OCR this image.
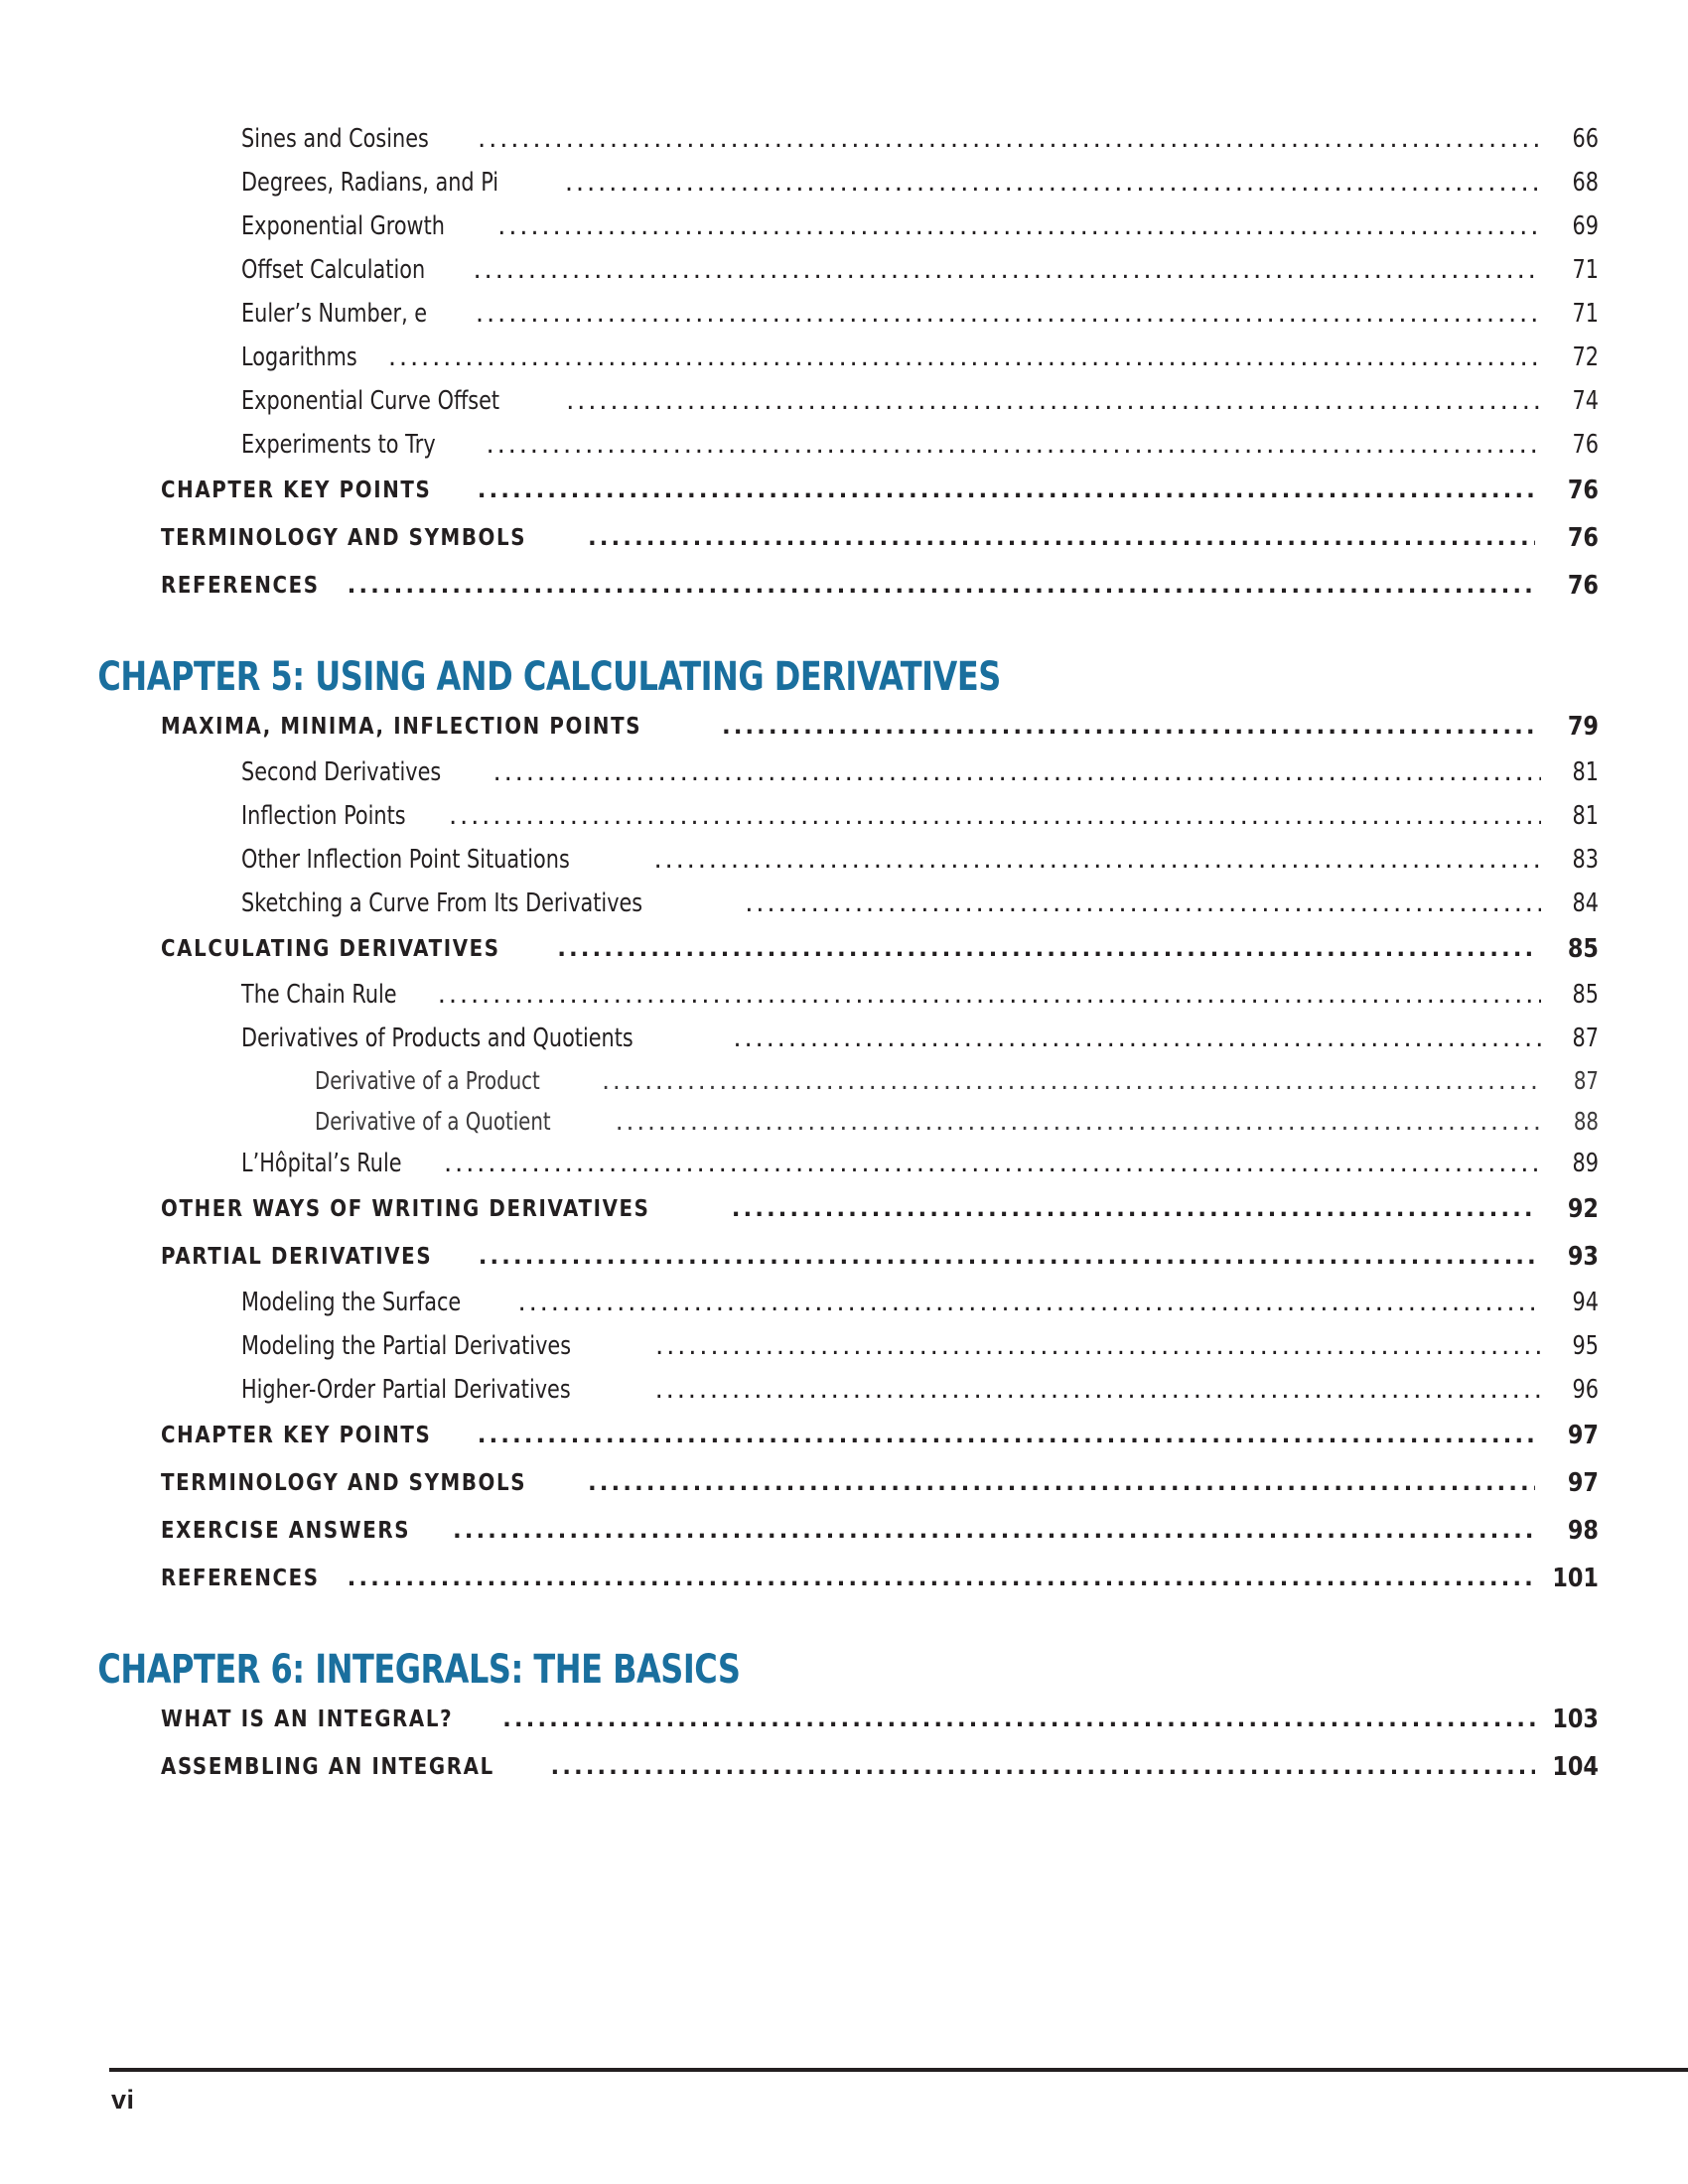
Sines and Cosines .....	66
Degrees, Radians, and Pi .....	68
Exponential Growth .....	69
Offset Calculation .....	71
Euler’s Number, e .....	71
Logarithms .....	72
Exponential Curve Offset .....	74
Experiments to Try .....	76
CHAPTER KEY POINTS .....	76
TERMINOLOGY AND SYMBOLS .....	76
REFERENCES .....	76
CHAPTER 5: USING AND CALCULATING DERIVATIVES
MAXIMA, MINIMA, INFLECTION POINTS .....	79
Second Derivatives .....	81
Inflection Points .....	81
Other Inflection Point Situations .....	83
Sketching a Curve From Its Derivatives .....	84
CALCULATING DERIVATIVES .....	85
The Chain Rule .....	85
Derivatives of Products and Quotients .....	87
Derivative of a Product .....	87
Derivative of a Quotient .....	88
L’Hôpital’s Rule .....	89
OTHER WAYS OF WRITING DERIVATIVES .....	92
PARTIAL DERIVATIVES .....	93
Modeling the Surface .....	94
Modeling the Partial Derivatives .....	95
Higher-Order Partial Derivatives .....	96
CHAPTER KEY POINTS .....	97
TERMINOLOGY AND SYMBOLS .....	97
EXERCISE ANSWERS .....	98
REFERENCES .....	101
CHAPTER 6: INTEGRALS: THE BASICS
WHAT IS AN INTEGRAL? .....	103
ASSEMBLING AN INTEGRAL .....	104
vi
